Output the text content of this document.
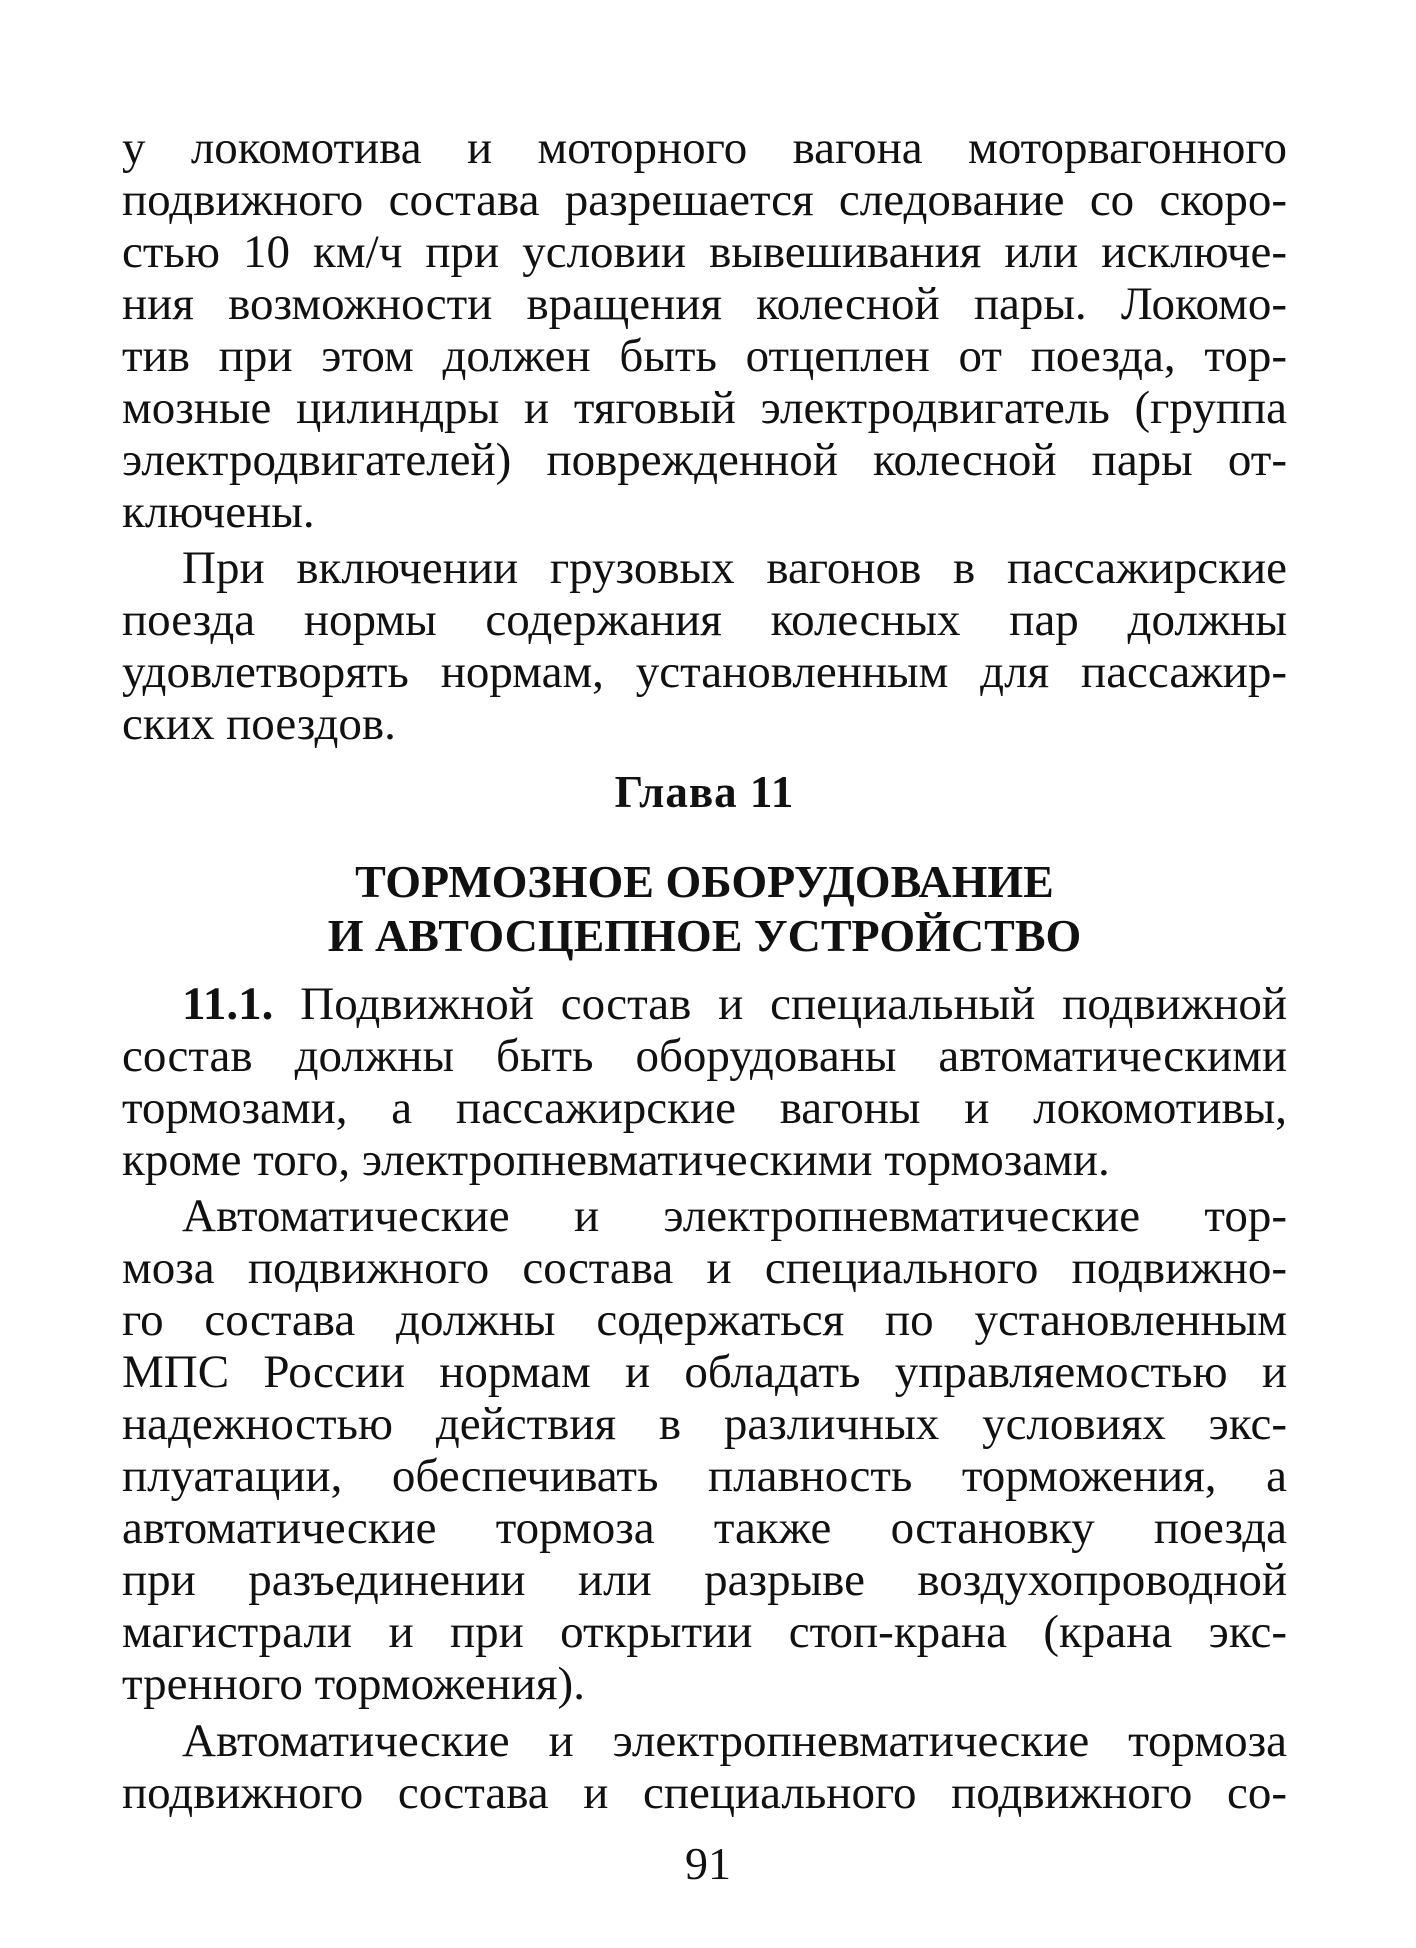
у локомотива и моторного вагона моторвагонного
подвижного состава разрешается следование со скоро-
стью 10 км/ч при условии вывешивания или исключе-
ния возможности вращения колесной пары. Локомо-
тив при этом должен быть отцеплен от поезда, тор-
мозные цилиндры и тяговый электродвигатель (группа
электродвигателей) поврежденной колесной пары от-
ключены.
При включении грузовых вагонов в пассажирские
поезда нормы содержания колесных пар должны
удовлетворять нормам, установленным для пассажир-
ских поездов.
Глава 11
ТОРМОЗНОЕ ОБОРУДОВАНИЕ
И АВТОСЦЕПНОЕ УСТРОЙСТВО
11.1. Подвижной состав и специальный подвижной
состав должны быть оборудованы автоматическими
тормозами, а пассажирские вагоны и локомотивы,
кроме того, электропневматическими тормозами.
Автоматические и электропневматические тор-
моза подвижного состава и специального подвижно-
го состава должны содержаться по установленным
МПС России нормам и обладать управляемостью и
надежностью действия в различных условиях экс-
плуатации, обеспечивать плавность торможения, а
автоматические тормоза также остановку поезда
при разъединении или разрыве воздухопроводной
магистрали и при открытии стоп-крана (крана экс-
тренного торможения).
Автоматические и электропневматические тормоза
подвижного состава и специального подвижного со-
91
